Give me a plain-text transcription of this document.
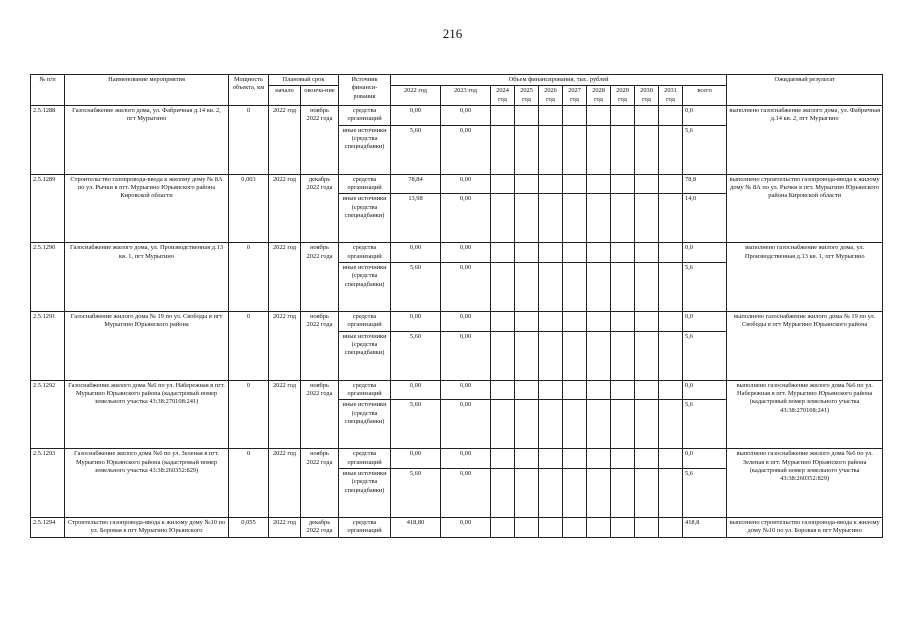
216
№ п/п	Наименование мероприятия	Мощность объекта, км	Плановый срок		Источник финанси-рования	Объем финансирования, тыс. рублей											Ожидаемый результат
			начало	оконча-ние		2022 год	2023 год	2024 год	2025 год	2026 год	2027 год	2028 год	2029 год	2030 год	2031 год	всего	
2.5.1288	Газоснабжение жилого дома, ул. Фабричная д.14 кв. 2, пгт Мурыгино	0	2022 год	ноябрь 2022 года	средства организаций	0,00	0,00									0,0	выполнено газоснабжение жилого дома, ул. Фабричная д.14 кв. 2, пгт Мурыгино
					иные источники (средства спецнадбавки)	5,60	0,00									5,6	
2.5.1289	Строительство газопровода-ввода к жилому дому № 8А по ул. Рычки в пгт. Мурыгино Юрьянского района Кировской области	0,003	2022 год	декабрь 2022 года	средства организаций	78,84	0,00									78,8	выполнено строительство газопровода-ввода к жилому дому № 8А по ул. Рычки в пгт. Мурыгино Юрьянского района Кировской области
					иные источники (средства спецнадбавки)	13,98	0,00									14,0	
2.5.1290	Газоснабжение жилого дома, ул. Производственная д.13 кв. 1, пгт Мурыгино	0	2022 год	ноябрь 2022 года	средства организаций	0,00	0,00									0,0	выполнено газоснабжение жилого дома, ул. Производственная д.13 кв. 1, пгт Мурыгино
					иные источники (средства спецнадбавки)	5,60	0,00									5,6	
2.5.1291	Газоснабжение жилого дома № 19 по ул. Свободы в пгт Мурыгино Юрьянского района	0	2022 год	ноябрь 2022 года	средства организаций	0,00	0,00									0,0	выполнено газоснабжение жилого дома № 19 по ул. Свободы в пгт Мурыгино Юрьянского района
					иные источники (средства спецнадбавки)	5,60	0,00									5,6	
2.5.1292	Газоснабжение жилого дома №6 по ул. Набережная в пгт. Мурыгино Юрьянского района (кадастровый номер земельного участка 43:38:270108:241)	0	2022 год	ноябрь 2022 года	средства организаций	0,00	0,00									0,0	выполнено газоснабжение жилого дома №6 по ул. Набережная в пгт. Мурыгино Юрьянского района (кадастровый номер земельного участка 43:38:270108:241)
					иные источники (средства спецнадбавки)	5,60	0,00									5,6	
2.5.1293	Газоснабжение жилого дома №6 по ул. Зеленая в пгт. Мурыгино Юрьянского района (кадастровый номер земельного участка 43:38:260352:829)	0	2022 год	ноябрь 2022 года	средства организаций	0,00	0,00									0,0	выполнено газоснабжение жилого дома №6 по ул. Зеленая в пгт. Мурыгино Юрьянского района (кадастровый номер земельного участка 43:38:260352:829)
					иные источники (средства спецнадбавки)	5,60	0,00									5,6	
2.5.1294	Строительство газопровода-ввода к жилому дому №10 по ул. Боровая в пгт Мурыгино Юрьянского	0,055	2022 год	декабрь 2022 года	средства организаций	418,80	0,00									418,8	выполнено строительство газопровода-ввода к жилому дому №10 по ул. Боровая в пгт Мурыгино
